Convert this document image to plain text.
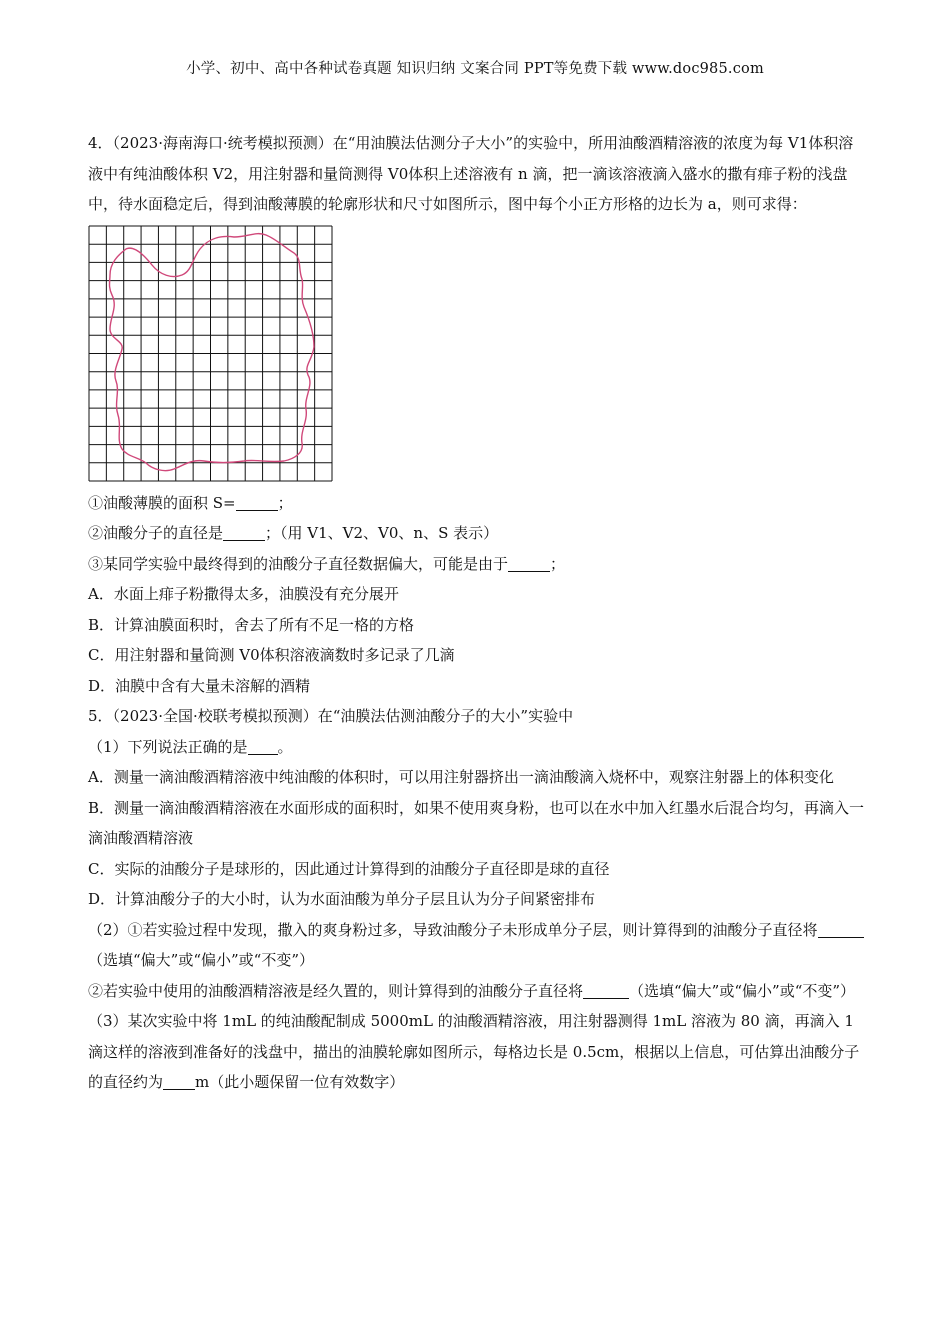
小学、初中、高中各种试卷真题 知识归纳 文案合同 PPT等免费下载 www.doc985.com

4．（2023·海南海口·统考模拟预测）在“用油膜法估测分子大小”的实验中，所用油酸酒精溶液的浓度为每 V1体积溶液中有纯油酸体积 V2，用注射器和量筒测得 V0体积上述溶液有 n 滴，把一滴该溶液滴入盛水的撒有痱子粉的浅盘中，待水面稳定后，得到油酸薄膜的轮廓形状和尺寸如图所示，图中每个小正方形格的边长为 a，则可求得：

①油酸薄膜的面积 S=	；

②油酸分子的直径是	；（用 V1、V2、V0、n、S 表示）

③某同学实验中最终得到的油酸分子直径数据偏大，可能是由于	；

A．水面上痱子粉撒得太多，油膜没有充分展开

B．计算油膜面积时，舍去了所有不足一格的方格

C．用注射器和量筒测 V0体积溶液滴数时多记录了几滴

D．油膜中含有大量未溶解的酒精

5．（2023·全国·校联考模拟预测）在“油膜法估测油酸分子的大小”实验中

（1）下列说法正确的是 。

A．测量一滴油酸酒精溶液中纯油酸的体积时，可以用注射器挤出一滴油酸滴入烧杯中，观察注射器上的体积变化

B．测量一滴油酸酒精溶液在水面形成的面积时，如果不使用爽身粉，也可以在水中加入红墨水后混合均匀，再滴入一滴油酸酒精溶液

C．实际的油酸分子是球形的，因此通过计算得到的油酸分子直径即是球的直径

D．计算油酸分子的大小时，认为水面油酸为单分子层且认为分子间紧密排布

（2）①若实验过程中发现，撒入的爽身粉过多，导致油酸分子未形成单分子层，则计算得到的油酸分子直径将（选填“偏大”或“偏小”或“不变”）

②若实验中使用的油酸酒精溶液是经久置的，则计算得到的油酸分子直径将	（选填“偏大”或“偏小”或“不变”）

（3）某次实验中将 1mL 的纯油酸配制成 5000mL 的油酸酒精溶液，用注射器测得 1mL 溶液为 80 滴，再滴入 1 滴这样的溶液到准备好的浅盘中，描出的油膜轮廓如图所示，每格边长是 0.5cm，根据以上信息，可估算出油酸分子的直径约为 m（此小题保留一位有效数字）
